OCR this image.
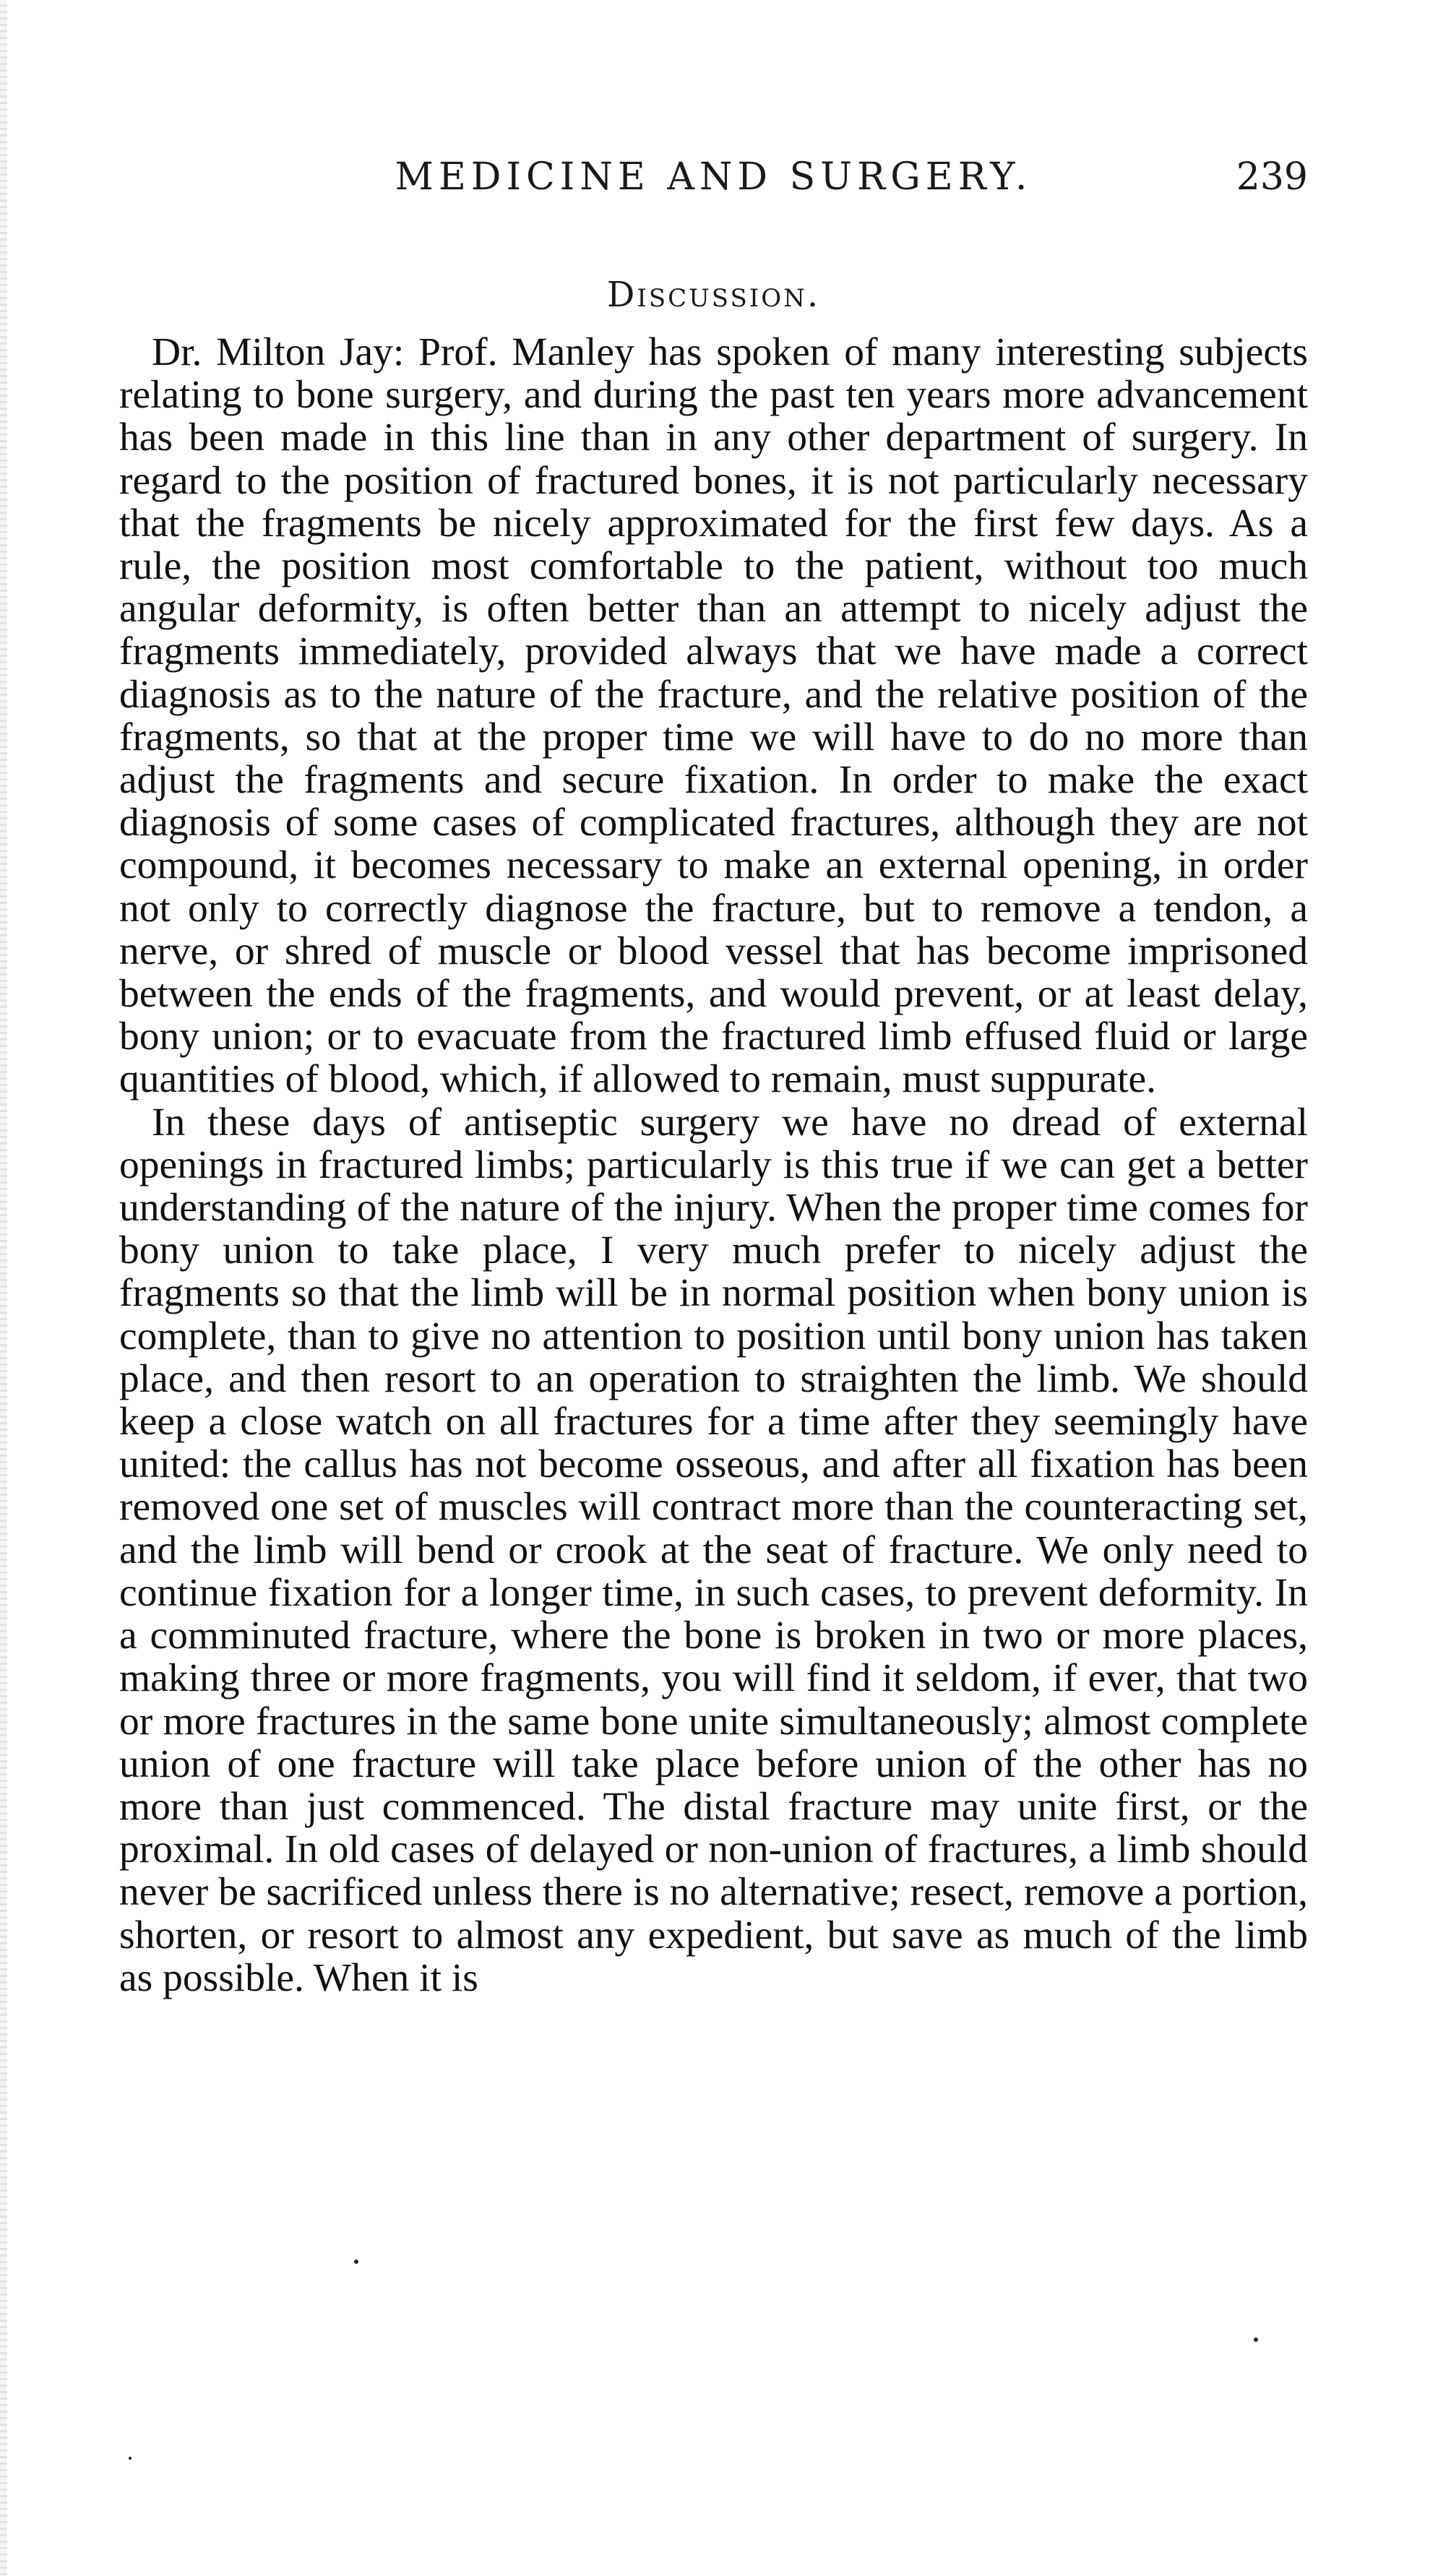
MEDICINE AND SURGERY.	239
Discussion.

Dr. Milton Jay: Prof. Manley has spoken of many interesting subjects relating to bone surgery, and during the past ten years more advancement has been made in this line than in any other department of surgery. In regard to the position of fractured bones, it is not particularly necessary that the fragments be nicely approximated for the first few days. As a rule, the position most comfortable to the patient, without too much angular deformity, is often better than an attempt to nicely adjust the fragments immediately, provided always that we have made a correct diagnosis as to the nature of the fracture, and the relative position of the fragments, so that at the proper time we will have to do no more than adjust the fragments and secure fixation. In order to make the exact diagnosis of some cases of complicated fractures, although they are not compound, it becomes necessary to make an external opening, in order not only to correctly diagnose the fracture, but to remove a tendon, a nerve, or shred of muscle or blood vessel that has become imprisoned between the ends of the fragments, and would prevent, or at least delay, bony union; or to evacuate from the fractured limb effused fluid or large quantities of blood, which, if allowed to remain, must suppurate.

In these days of antiseptic surgery we have no dread of external openings in fractured limbs; particularly is this true if we can get a better understanding of the nature of the injury. When the proper time comes for bony union to take place, I very much prefer to nicely adjust the fragments so that the limb will be in normal position when bony union is complete, than to give no attention to position until bony union has taken place, and then resort to an operation to straighten the limb. We should keep a close watch on all fractures for a time after they seemingly have united: the callus has not become osseous, and after all fixation has been removed one set of muscles will contract more than the counteracting set, and the limb will bend or crook at the seat of fracture. We only need to continue fixation for a longer time, in such cases, to prevent deformity. In a comminuted fracture, where the bone is broken in two or more places, making three or more fragments, you will find it seldom, if ever, that two or more fractures in the same bone unite simultaneously; almost complete union of one fracture will take place before union of the other has no more than just commenced. The distal fracture may unite first, or the proximal. In old cases of delayed or non-union of fractures, a limb should never be sacrificed unless there is no alternative; resect, remove a portion, shorten, or resort to almost any expedient, but save as much of the limb as possible. When it is
